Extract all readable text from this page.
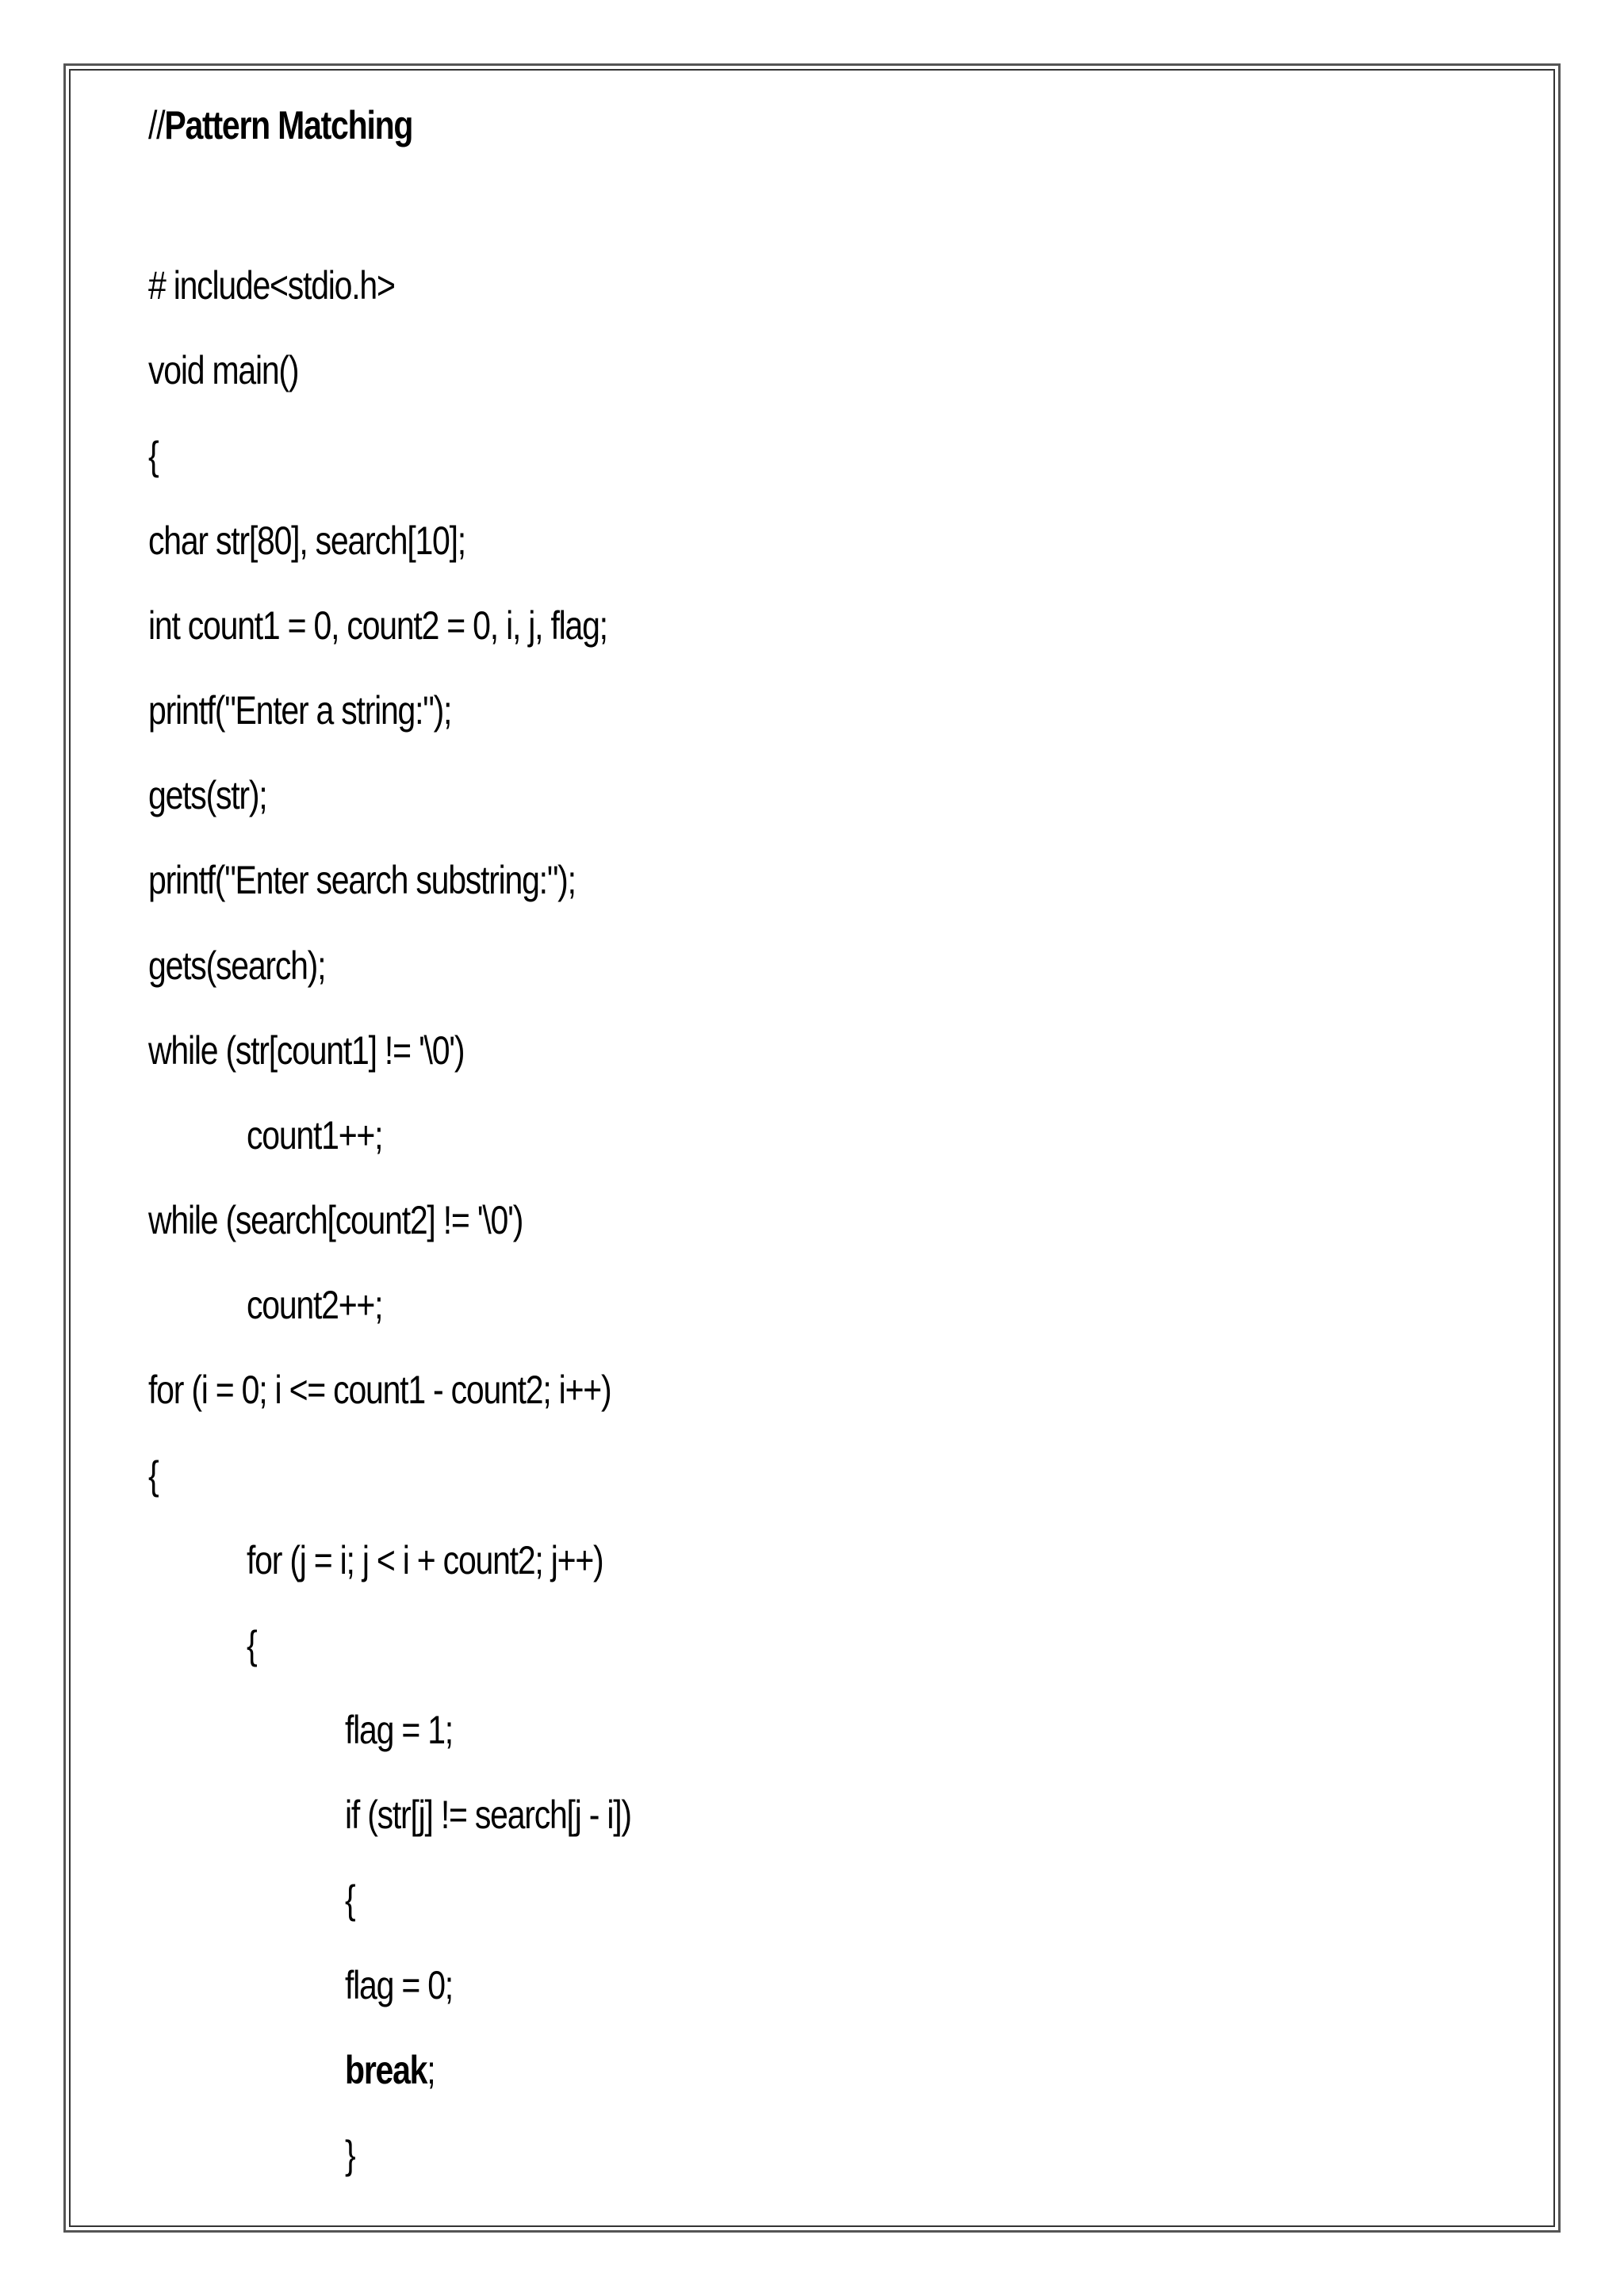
//Pattern Matching
# include<stdio.h>
void main()
{
char str[80], search[10];
int count1 = 0, count2 = 0, i, j, flag;
printf("Enter a string:");
gets(str);
printf("Enter search substring:");
gets(search);
while (str[count1] != '\0')
count1++;
while (search[count2] != '\0')
count2++;
for (i = 0; i <= count1 - count2; i++)
{
for (j = i; j < i + count2; j++)
{
flag = 1;
if (str[j] != search[j - i])
{
flag = 0;
break;
}
